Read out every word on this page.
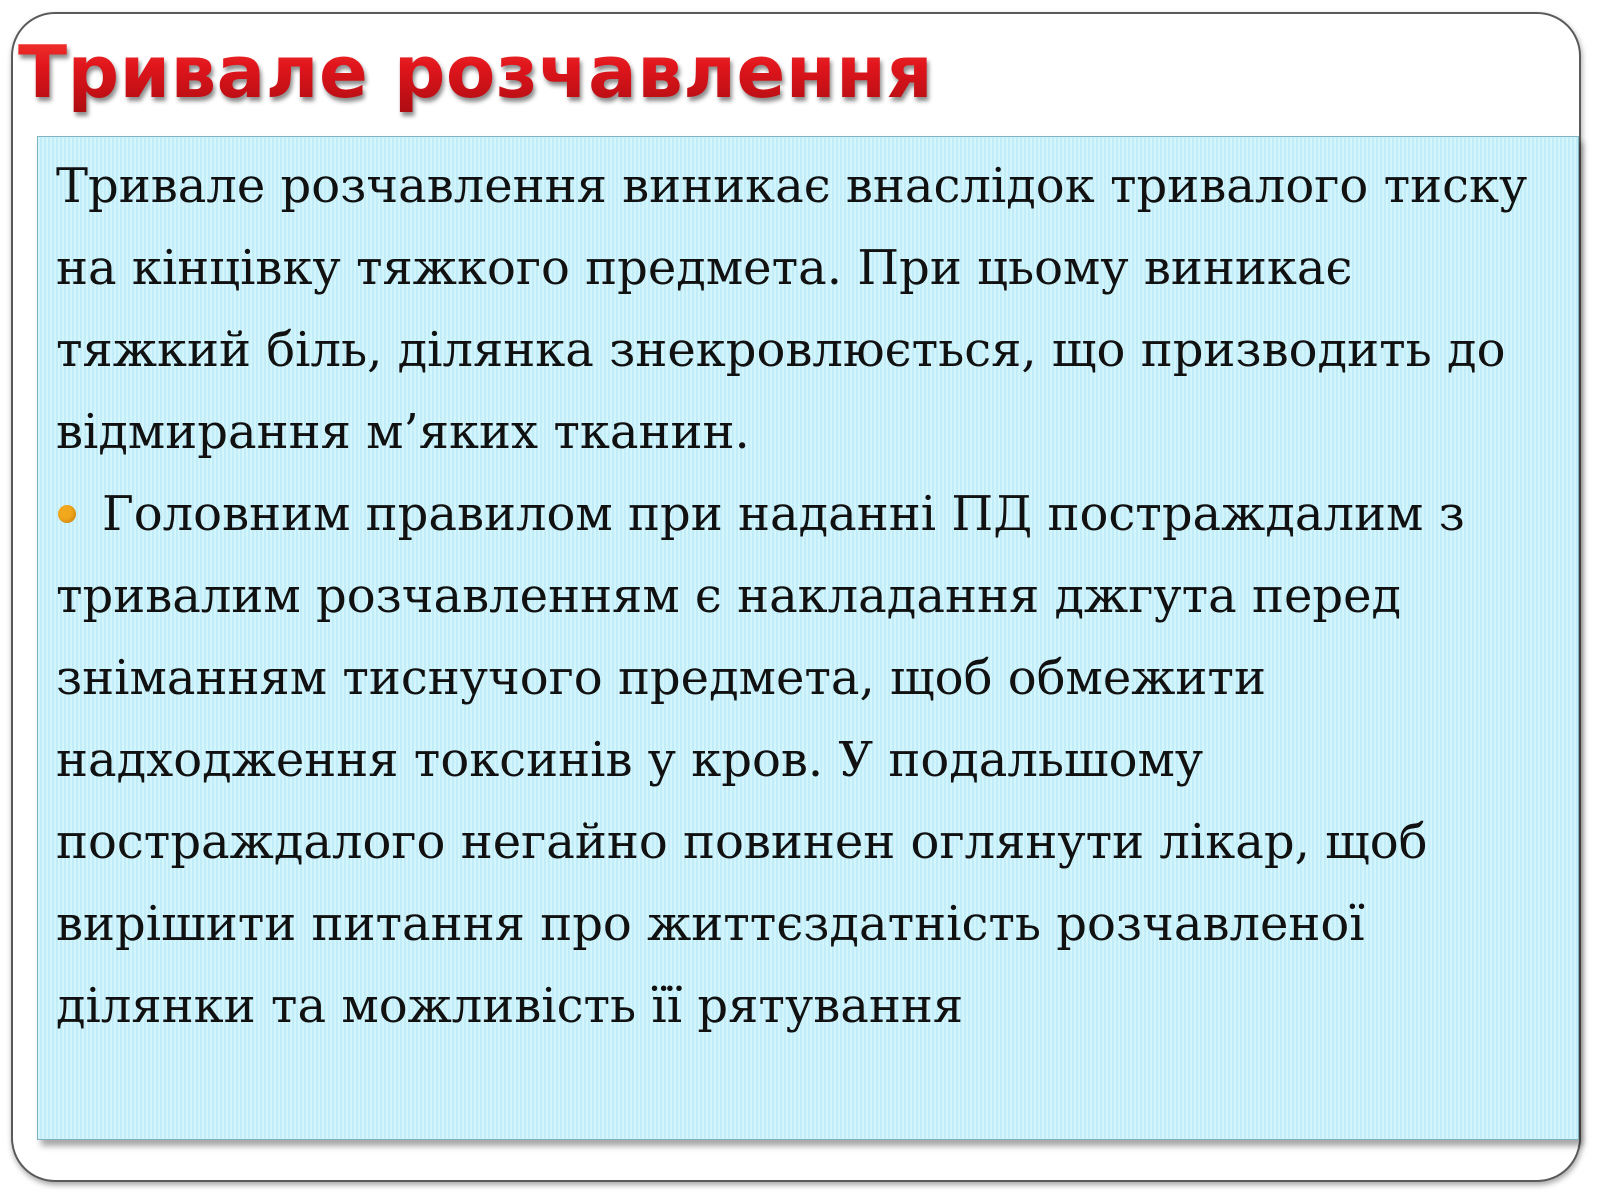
Тривале розчавлення

Тривале розчавлення виникає внаслідок тривалого тиску на кінцівку тяжкого предмета. При цьому виникає тяжкий біль, ділянка знекровлюється, що призводить до відмирання м’яких тканин.

Головним правилом при наданні ПД постраждалим з тривалим розчавленням є накладання джгута перед зніманням тиснучого предмета, щоб обмежити надходження токсинів у кров. У подальшому постраждалого негайно повинен оглянути лікар, щоб вирішити питання про життєздатність розчавленої ділянки та можливість її рятування
